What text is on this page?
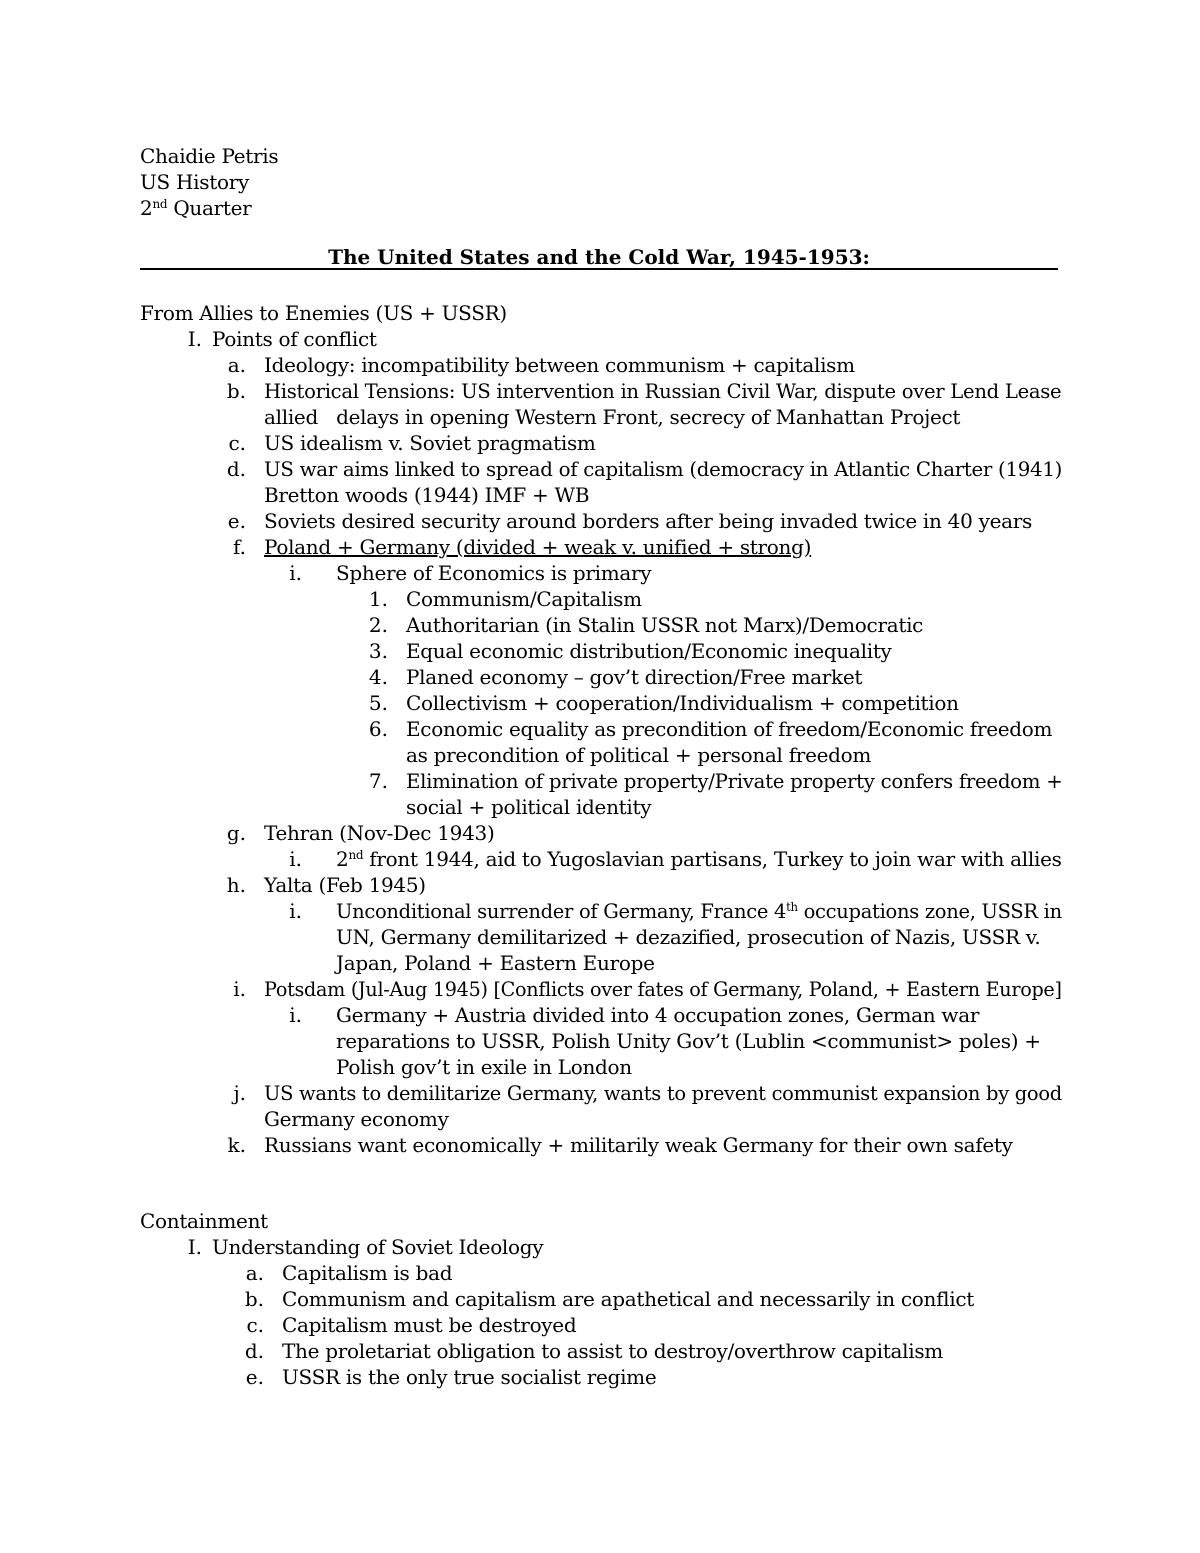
Chaidie Petris
US History
2nd Quarter
The United States and the Cold War, 1945-1953:
From Allies to Enemies (US + USSR)
I. Points of conflict
a. Ideology: incompatibility between communism + capitalism
b. Historical Tensions: US intervention in Russian Civil War, dispute over Lend Lease
allied   delays in opening Western Front, secrecy of Manhattan Project
c. US idealism v. Soviet pragmatism
d. US war aims linked to spread of capitalism (democracy in Atlantic Charter (1941)
Bretton woods (1944) IMF + WB
e. Soviets desired security around borders after being invaded twice in 40 years
f. Poland + Germany (divided + weak v. unified + strong)
i. Sphere of Economics is primary
1. Communism/Capitalism
2. Authoritarian (in Stalin USSR not Marx)/Democratic
3. Equal economic distribution/Economic inequality
4. Planed economy – gov’t direction/Free market
5. Collectivism + cooperation/Individualism + competition
6. Economic equality as precondition of freedom/Economic freedom
as precondition of political + personal freedom
7. Elimination of private property/Private property confers freedom +
social + political identity
g. Tehran (Nov-Dec 1943)
i. 2nd front 1944, aid to Yugoslavian partisans, Turkey to join war with allies
h. Yalta (Feb 1945)
i. Unconditional surrender of Germany, France 4th occupations zone, USSR in
UN, Germany demilitarized + dezazified, prosecution of Nazis, USSR v.
Japan, Poland + Eastern Europe
i. Potsdam (Jul-Aug 1945) [Conflicts over fates of Germany, Poland, + Eastern Europe]
i. Germany + Austria divided into 4 occupation zones, German war
reparations to USSR, Polish Unity Gov’t (Lublin <communist> poles) +
Polish gov’t in exile in London
j. US wants to demilitarize Germany, wants to prevent communist expansion by good
Germany economy
k. Russians want economically + militarily weak Germany for their own safety
Containment
I. Understanding of Soviet Ideology
a. Capitalism is bad
b. Communism and capitalism are apathetical and necessarily in conflict
c. Capitalism must be destroyed
d. The proletariat obligation to assist to destroy/overthrow capitalism
e. USSR is the only true socialist regime
